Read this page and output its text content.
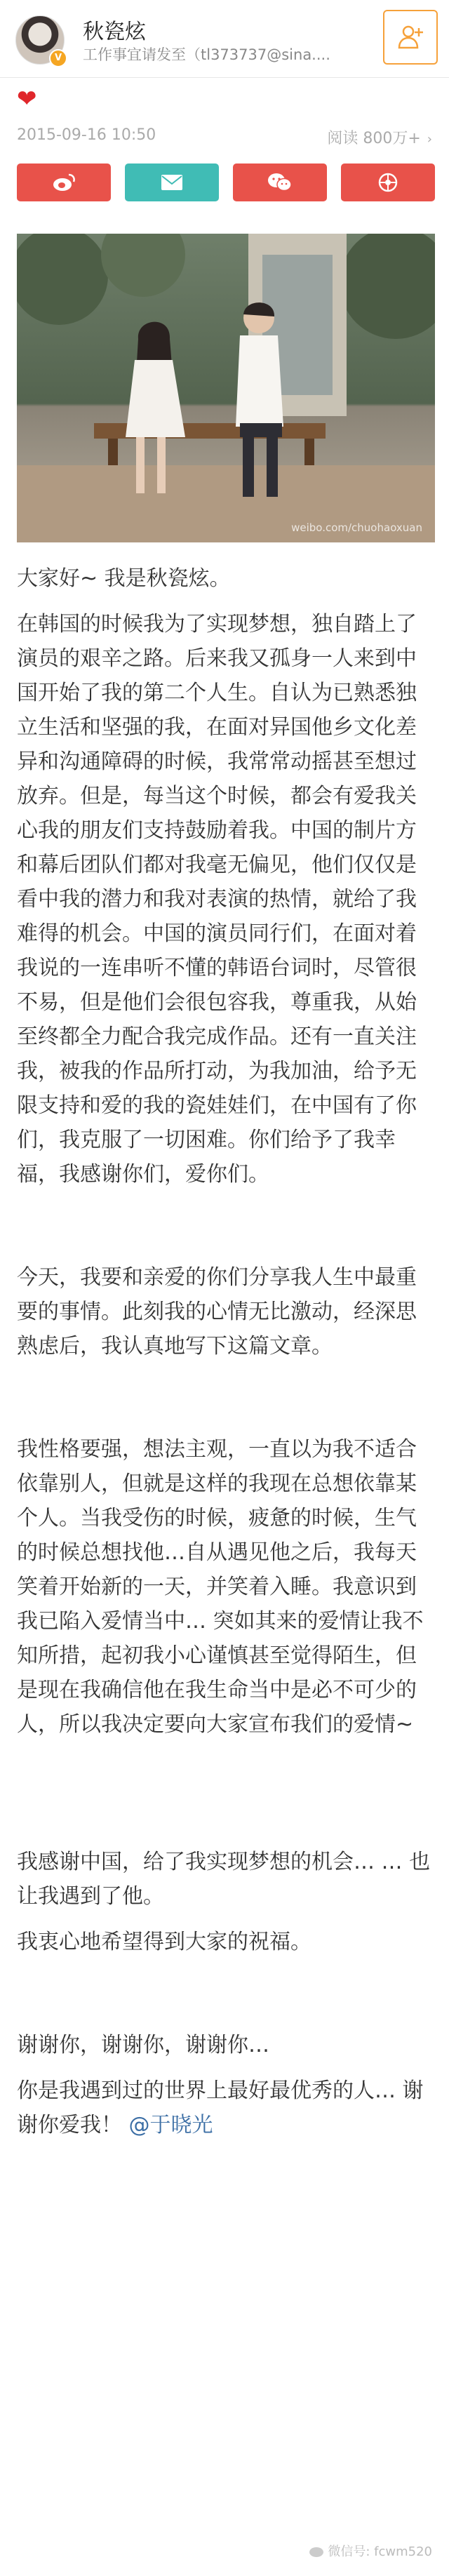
V
秋瓷炫
工作事宜请发至（tl373737@sina....
❤
2015-09-16 10:50	阅读 800万+ ›
weibo.com/chuohaoxuan

大家好~ 我是秋瓷炫。

在韩国的时候我为了实现梦想，独自踏上了演员的艰辛之路。后来我又孤身一人来到中国开始了我的第二个人生。自认为已熟悉独立生活和坚强的我，在面对异国他乡文化差异和沟通障碍的时候，我常常动摇甚至想过放弃。但是，每当这个时候，都会有爱我关心我的朋友们支持鼓励着我。中国的制片方和幕后团队们都对我毫无偏见，他们仅仅是看中我的潜力和我对表演的热情，就给了我难得的机会。中国的演员同行们，在面对着我说的一连串听不懂的韩语台词时，尽管很不易，但是他们会很包容我，尊重我，从始至终都全力配合我完成作品。还有一直关注我，被我的作品所打动，为我加油，给予无限支持和爱的我的瓷娃娃们，在中国有了你们，我克服了一切困难。你们给予了我幸福，我感谢你们，爱你们。

今天，我要和亲爱的你们分享我人生中最重要的事情。此刻我的心情无比激动，经深思熟虑后，我认真地写下这篇文章。

我性格要强，想法主观，一直以为我不适合依靠别人，但就是这样的我现在总想依靠某个人。当我受伤的时候，疲惫的时候，生气的时候总想找他…自从遇见他之后，我每天笑着开始新的一天，并笑着入睡。我意识到我已陷入爱情当中… 突如其来的爱情让我不知所措，起初我小心谨慎甚至觉得陌生，但是现在我确信他在我生命当中是必不可少的人，所以我决定要向大家宣布我们的爱情~

我感谢中国，给了我实现梦想的机会… … 也让我遇到了他。

我衷心地希望得到大家的祝福。

谢谢你，谢谢你，谢谢你…

你是我遇到过的世界上最好最优秀的人… 谢谢你爱我！ @于晓光

微信号: fcwm520
